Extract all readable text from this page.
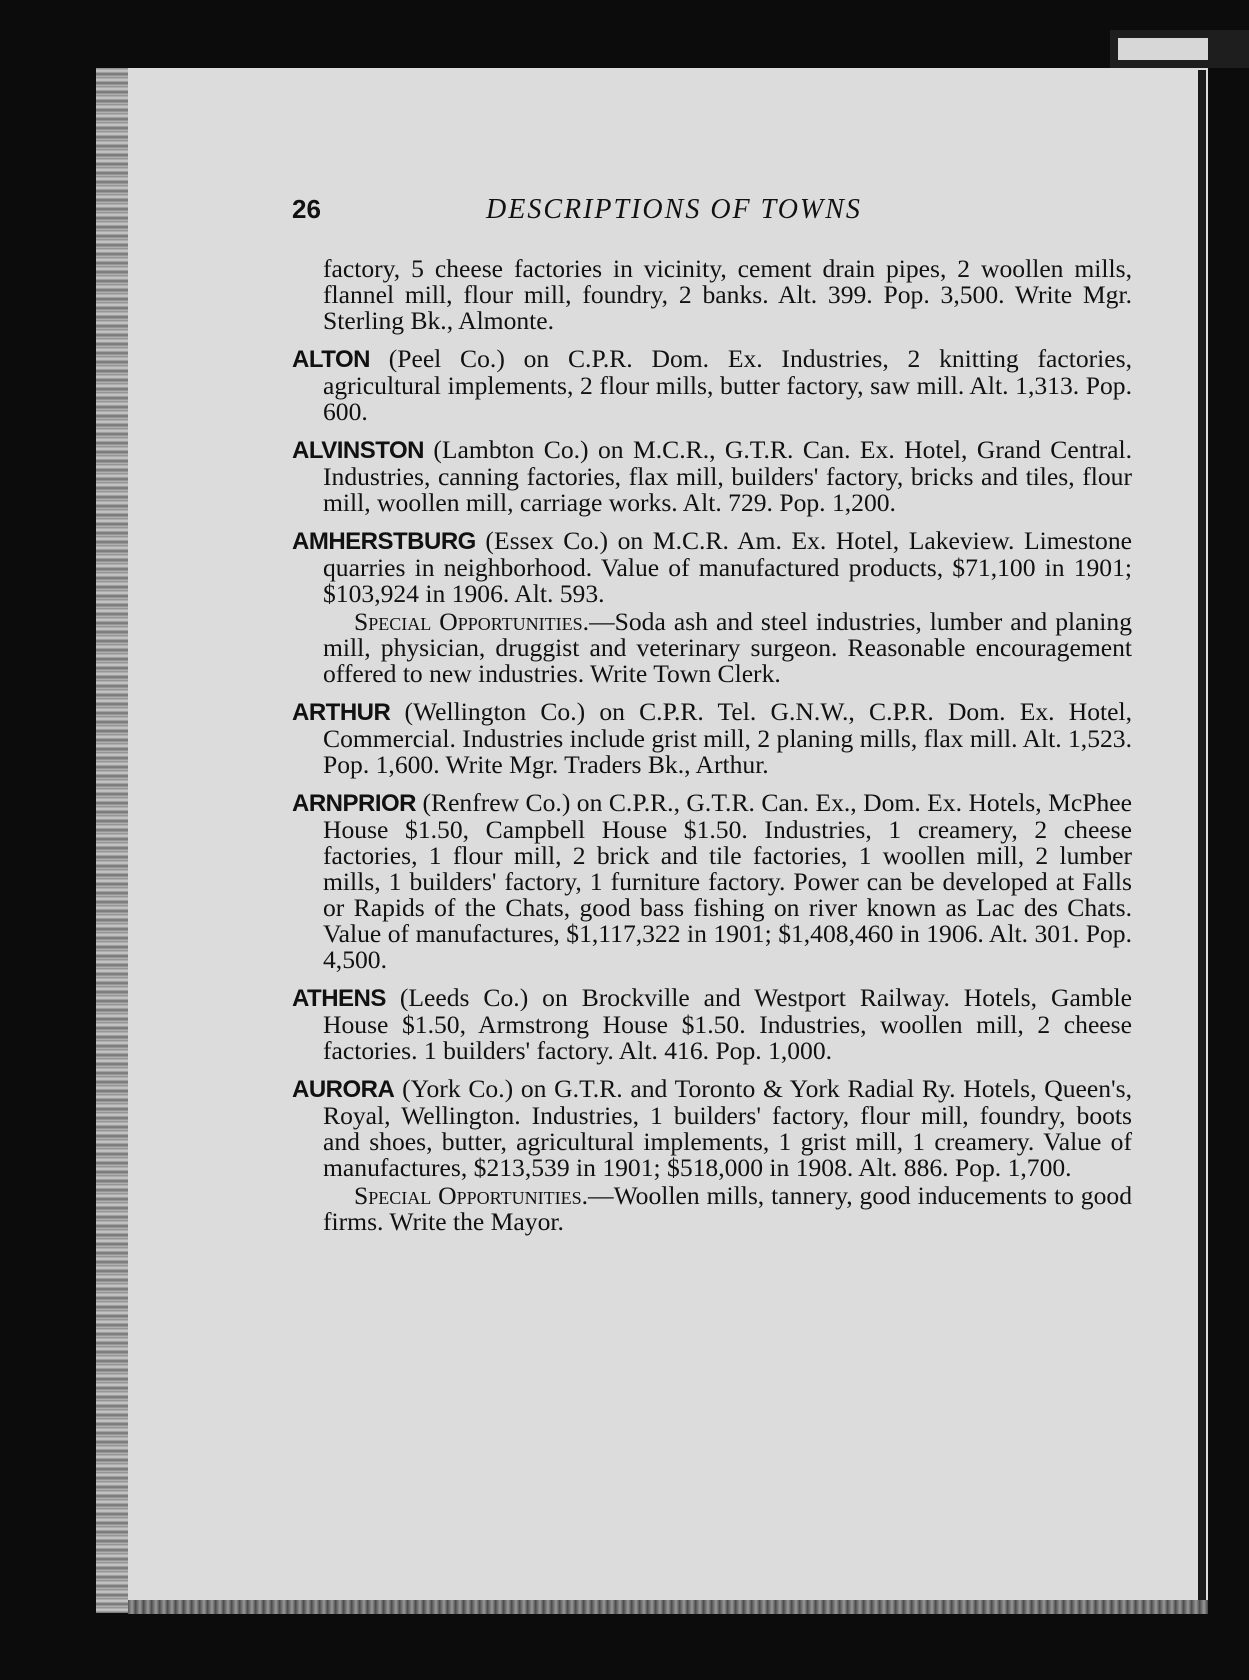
26	DESCRIPTIONS OF TOWNS
factory, 5 cheese factories in vicinity, cement drain pipes, 2 woollen mills, flannel mill, flour mill, foundry, 2 banks. Alt. 399. Pop. 3,500. Write Mgr. Sterling Bk., Almonte.

ALTON (Peel Co.) on C.P.R. Dom. Ex. Industries, 2 knitting factories, agricultural implements, 2 flour mills, butter factory, saw mill. Alt. 1,313. Pop. 600.

ALVINSTON (Lambton Co.) on M.C.R., G.T.R. Can. Ex. Hotel, Grand Central. Industries, canning factories, flax mill, builders' factory, bricks and tiles, flour mill, woollen mill, carriage works. Alt. 729. Pop. 1,200.

AMHERSTBURG (Essex Co.) on M.C.R. Am. Ex. Hotel, Lakeview. Limestone quarries in neighborhood. Value of manufactured products, $71,100 in 1901; $103,924 in 1906. Alt. 593.

Special Opportunities.—Soda ash and steel industries, lumber and planing mill, physician, druggist and veterinary surgeon. Reasonable encouragement offered to new industries. Write Town Clerk.

ARTHUR (Wellington Co.) on C.P.R. Tel. G.N.W., C.P.R. Dom. Ex. Hotel, Commercial. Industries include grist mill, 2 planing mills, flax mill. Alt. 1,523. Pop. 1,600. Write Mgr. Traders Bk., Arthur.

ARNPRIOR (Renfrew Co.) on C.P.R., G.T.R. Can. Ex., Dom. Ex. Hotels, McPhee House $1.50, Campbell House $1.50. Industries, 1 creamery, 2 cheese factories, 1 flour mill, 2 brick and tile factories, 1 woollen mill, 2 lumber mills, 1 builders' factory, 1 furniture factory. Power can be developed at Falls or Rapids of the Chats, good bass fishing on river known as Lac des Chats. Value of manufactures, $1,117,322 in 1901; $1,408,460 in 1906. Alt. 301. Pop. 4,500.

ATHENS (Leeds Co.) on Brockville and Westport Railway. Hotels, Gamble House $1.50, Armstrong House $1.50. Industries, woollen mill, 2 cheese factories. 1 builders' factory. Alt. 416. Pop. 1,000.

AURORA (York Co.) on G.T.R. and Toronto & York Radial Ry. Hotels, Queen's, Royal, Wellington. Industries, 1 builders' factory, flour mill, foundry, boots and shoes, butter, agricultural implements, 1 grist mill, 1 creamery. Value of manufactures, $213,539 in 1901; $518,000 in 1908. Alt. 886. Pop. 1,700.

Special Opportunities.—Woollen mills, tannery, good inducements to good firms. Write the Mayor.
